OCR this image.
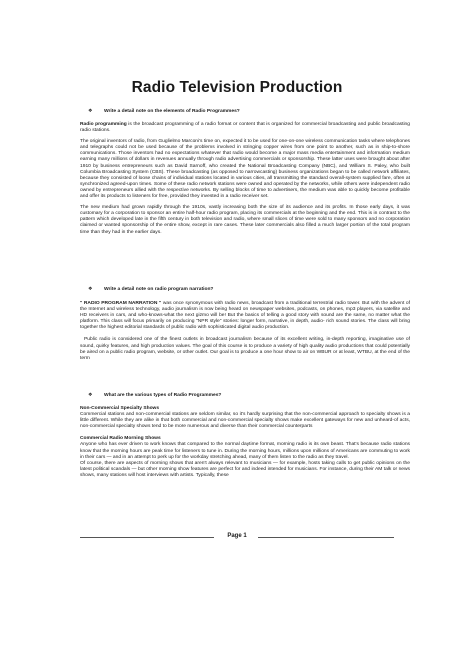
Radio Television Production
❖ Write a detail note on the elements of Radio Programmes?

Radio programming is the broadcast programming of a radio format or content that is organized for commercial broadcasting and public broadcasting radio stations.

The original inventors of radio, from Guglielmo Marconi's time on, expected it to be used for one-on-one wireless communication tasks where telephones and telegraphs could not be used because of the problems involved in stringing copper wires from one point to another, such as in ship-to-shore communications. Those inventors had no expectations whatever that radio would become a major mass media entertainment and information medium earning many millions of dollars in revenues annually through radio advertising commercials or sponsorship. These latter uses were brought about after 1910 by business entrepreneurs such as David Sarnoff, who created the National Broadcasting Company (NBC), and William S. Paley, who built Columbia Broadcasting System (CBS). These broadcasting (as opposed to narrowcasting) business organizations began to be called network affiliates, because they consisted of loose chains of individual stations located in various cities, all transmitting the standard overall-system supplied fare, often at synchronized agreed-upon times. Some of these radio network stations were owned and operated by the networks, while others were independent radio owned by entrepreneurs allied with the respective networks. By selling blocks of time to advertisers, the medium was able to quickly become profitable and offer its products to listeners for free, provided they invested in a radio receiver set.

The new medium had grown rapidly through the 1910s, vastly increasing both the size of its audience and its profits. In those early days, it was customary for a corporation to sponsor an entire half-hour radio program, placing its commercials at the beginning and the end. This is in contrast to the pattern which developed late in the fifth century in both television and radio, where small slices of time were sold to many sponsors and no corporation claimed or wanted sponsorship of the entire show, except in rare cases. These later commercials also filled a much larger portion of the total program time than they had in the earlier days.

❖ Write a detail note on radio program narration?

" RADIO PROGRAM NARRATION " was once synonymous with radio news, broadcast from a traditional terrestrial radio tower. But with the advent of the Internet and wireless technology, audio journalism is now being heard on newspaper websites, podcasts, on phones, mp3 players, via satellite and HD receivers in cars, and who-knows-what the next gizmo will be! But the basics of telling a good story with sound are the same, no matter what the platform. This class will focus primarily on producing "NPR style" stories: longer form, narrative, in depth, audio- rich sound stories. The class will bring together the highest editorial standards of public radio with sophisticated digital audio production.

Public radio is considered one of the finest outlets in broadcast journalism because of its excellent writing, in-depth reporting, imaginative use of sound, quirky features, and high production values. The goal of this course is to produce a variety of high quality audio productions that could potentially be aired on a public radio program, website, or other outlet. Our goal is to produce a one hour show to air on WBUR or at least, WTBU, at the end of the term

❖ What are the various types of Radio Programmes?

Non-Commercial Specialty Shows

Commercial stations and non-commercial stations are seldom similar, so it's hardly surprising that the non-commercial approach to specialty shows is a little different. While they are alike in that both commercial and non-commercial specialty shows make excellent gateways for new and unheard-of acts, non-commercial specialty shows tend to be more numerous and diverse than their commercial counterparts

Commercial Radio Morning Shows

Anyone who has ever driven to work knows that compared to the normal daytime format, morning radio is its own beast. That's because radio stations know that the morning hours are peak time for listeners to tune in. During the morning hours, millions upon millions of Americans are commuting to work in their cars — and in an attempt to perk up for the workday stretching ahead, many of them listen to the radio as they travel.

Of course, there are aspects of morning shows that aren't always relevant to musicians — for example, hosts taking calls to get public opinions on the latest political scandals — but other morning show features are perfect for and indeed intended for musicians. For instance, during their AM talk or news shows, many stations will host interviews with artists. Typically, these

Page 1
